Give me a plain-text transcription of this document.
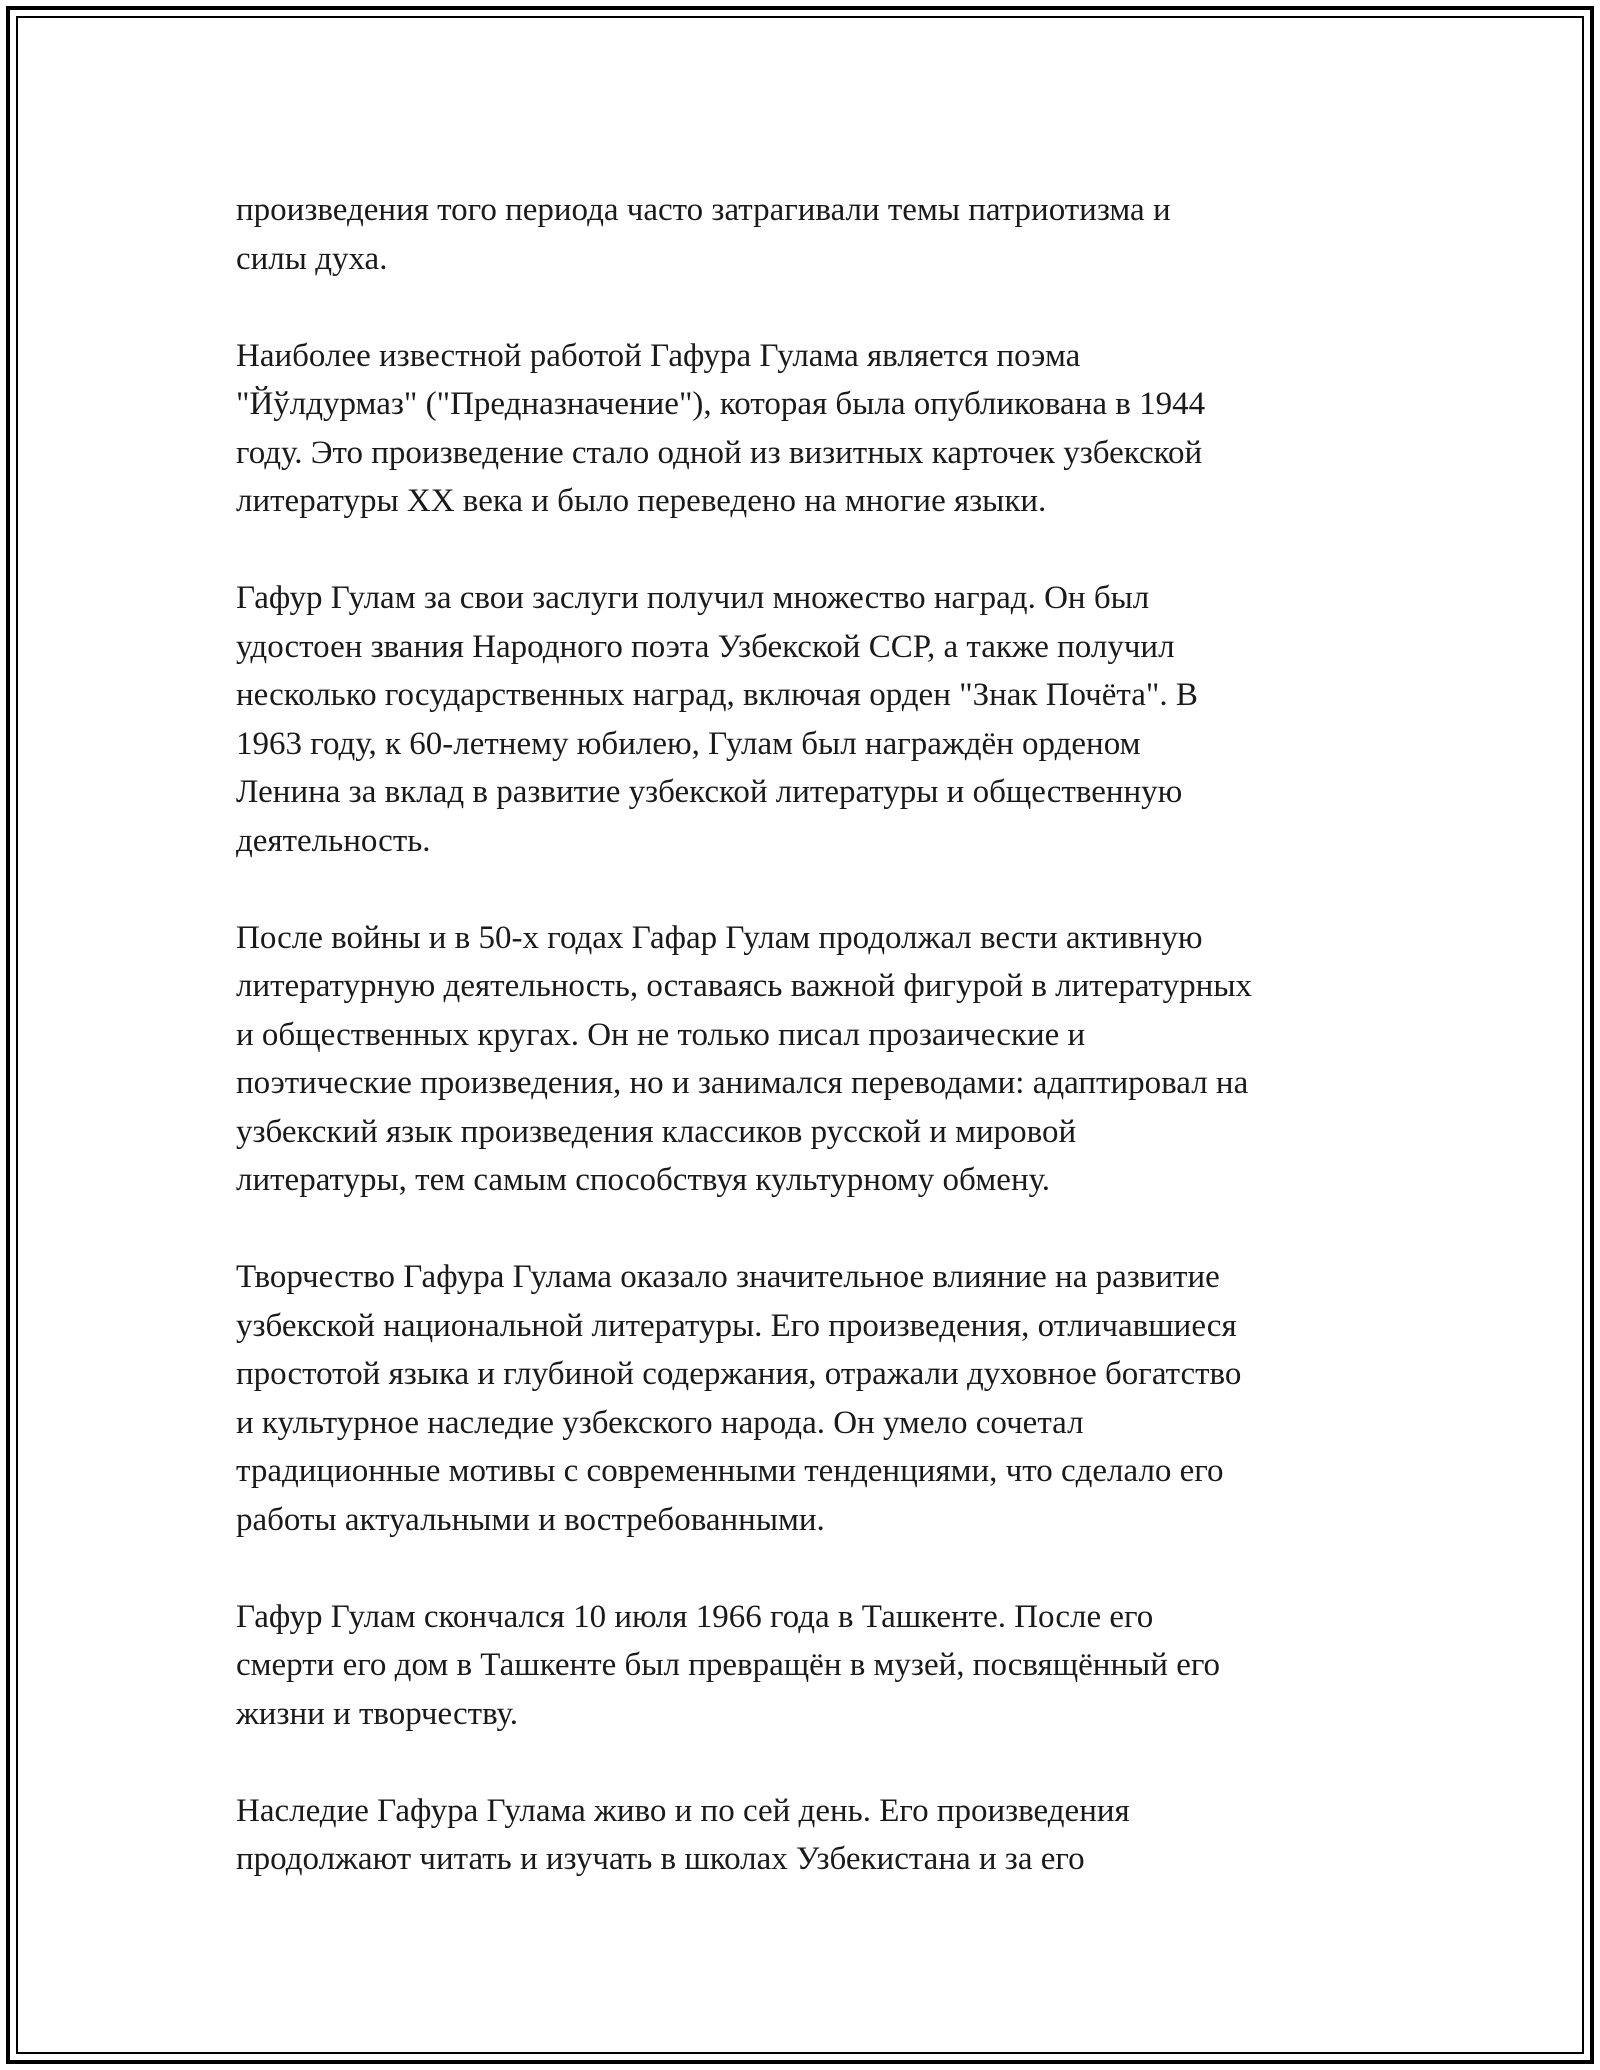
произведения того периода часто затрагивали темы патриотизма и
силы духа.

Наиболее известной работой Гафура Гулама является поэма
"Йўлдурмаз" ("Предназначение"), которая была опубликована в 1944
году. Это произведение стало одной из визитных карточек узбекской
литературы XX века и было переведено на многие языки.

Гафур Гулам за свои заслуги получил множество наград. Он был
удостоен звания Народного поэта Узбекской ССР, а также получил
несколько государственных наград, включая орден "Знак Почёта". В
1963 году, к 60-летнему юбилею, Гулам был награждён орденом
Ленина за вклад в развитие узбекской литературы и общественную
деятельность.

После войны и в 50-х годах Гафар Гулам продолжал вести активную
литературную деятельность, оставаясь важной фигурой в литературных
и общественных кругах. Он не только писал прозаические и
поэтические произведения, но и занимался переводами: адаптировал на
узбекский язык произведения классиков русской и мировой
литературы, тем самым способствуя культурному обмену.

Творчество Гафура Гулама оказало значительное влияние на развитие
узбекской национальной литературы. Его произведения, отличавшиеся
простотой языка и глубиной содержания, отражали духовное богатство
и культурное наследие узбекского народа. Он умело сочетал
традиционные мотивы с современными тенденциями, что сделало его
работы актуальными и востребованными.

Гафур Гулам скончался 10 июля 1966 года в Ташкенте. После его
смерти его дом в Ташкенте был превращён в музей, посвящённый его
жизни и творчеству.

Наследие Гафура Гулама живо и по сей день. Его произведения
продолжают читать и изучать в школах Узбекистана и за его
